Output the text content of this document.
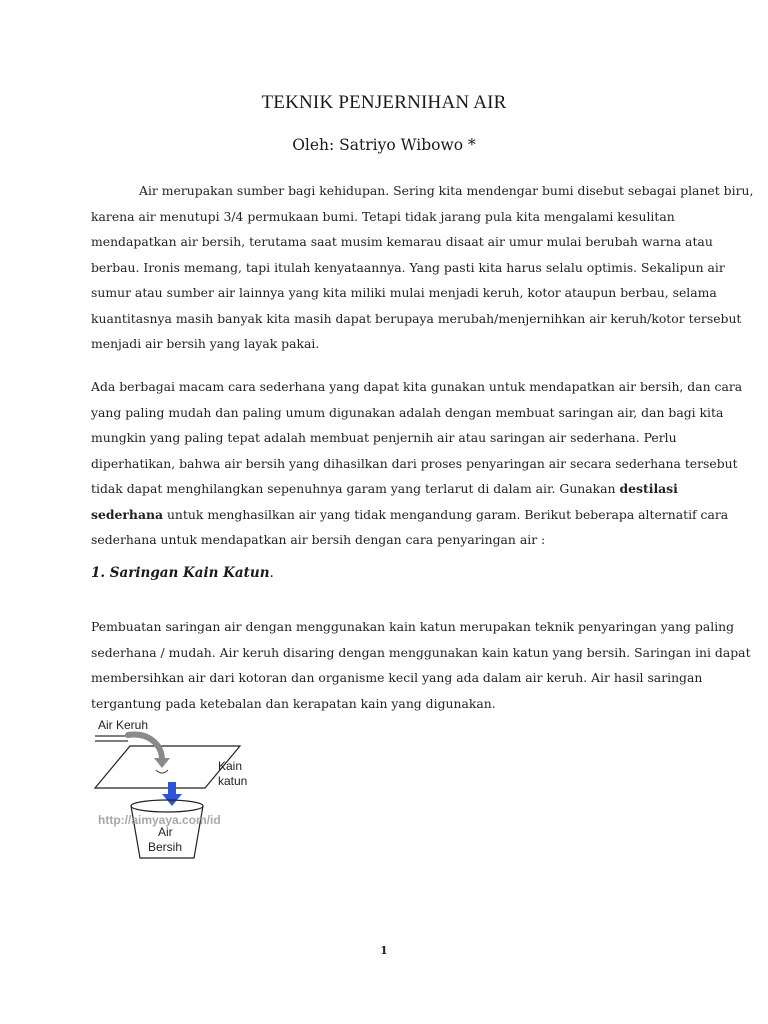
TEKNIK PENJERNIHAN AIR
Oleh: Satriyo Wibowo *
Air merupakan sumber bagi kehidupan. Sering kita mendengar bumi disebut sebagai planet biru,
karena air menutupi 3/4 permukaan bumi. Tetapi tidak jarang pula kita mengalami kesulitan
mendapatkan air bersih, terutama saat musim kemarau disaat air umur mulai berubah warna atau
berbau. Ironis memang, tapi itulah kenyataannya. Yang pasti kita harus selalu optimis. Sekalipun air
sumur atau sumber air lainnya yang kita miliki mulai menjadi keruh, kotor ataupun berbau, selama
kuantitasnya masih banyak kita masih dapat berupaya merubah/menjernihkan air keruh/kotor tersebut
menjadi air bersih yang layak pakai.
Ada berbagai macam cara sederhana yang dapat kita gunakan untuk mendapatkan air bersih, dan cara
yang paling mudah dan paling umum digunakan adalah dengan membuat saringan air, dan bagi kita
mungkin yang paling tepat adalah membuat penjernih air atau saringan air sederhana. Perlu
diperhatikan, bahwa air bersih yang dihasilkan dari proses penyaringan air secara sederhana tersebut
tidak dapat menghilangkan sepenuhnya garam yang terlarut di dalam air. Gunakan destilasi
sederhana untuk menghasilkan air yang tidak mengandung garam. Berikut beberapa alternatif cara
sederhana untuk mendapatkan air bersih dengan cara penyaringan air :
1. Saringan Kain Katun.
Pembuatan saringan air dengan menggunakan kain katun merupakan teknik penyaringan yang paling
sederhana / mudah. Air keruh disaring dengan menggunakan kain katun yang bersih. Saringan ini dapat
membersihkan air dari kotoran dan organisme kecil yang ada dalam air keruh. Air hasil saringan
tergantung pada ketebalan dan kerapatan kain yang digunakan.
Air Keruh
Kain
katun
http://aimyaya.com/id
Air
Bersih
1
